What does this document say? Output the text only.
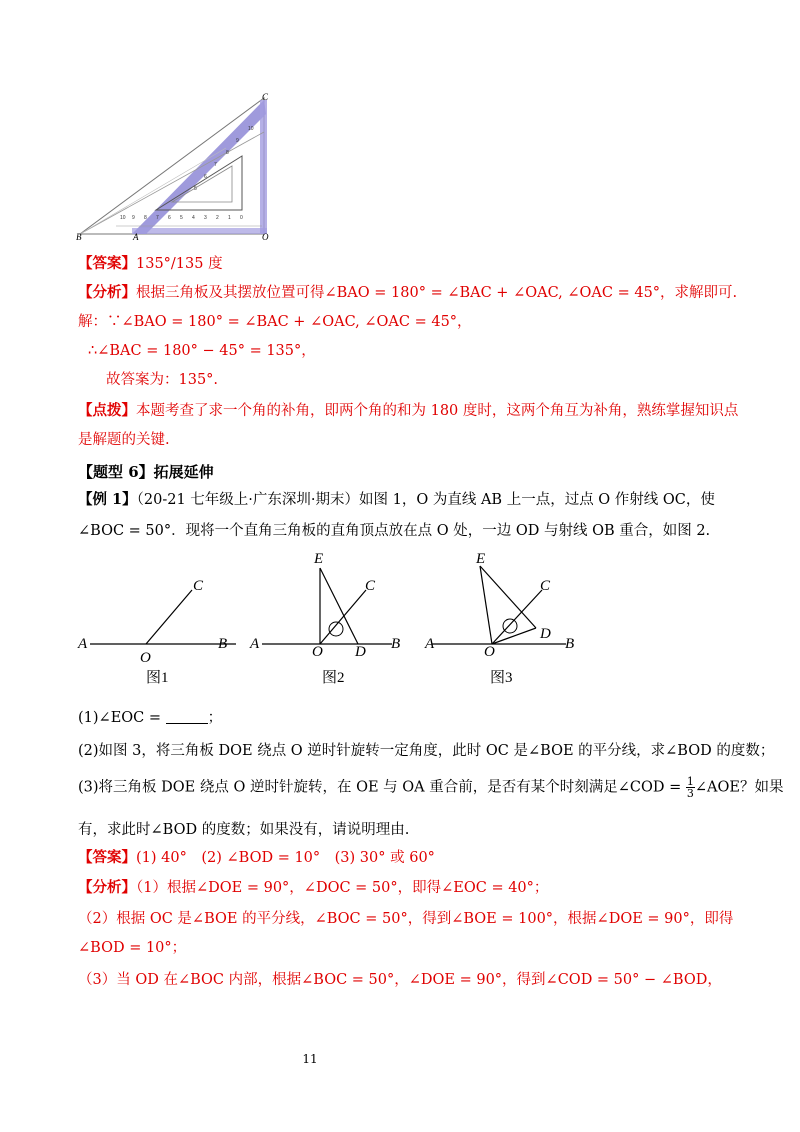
10 9 8 7 6 5 4 3 2 1 0
5
6
7
8
9
10
B	A	O
C
【答案】135°/135 度
【分析】根据三角板及其摆放位置可得∠BAO = 180° = ∠BAC + ∠OAC, ∠OAC = 45°，求解即可.
解：∵∠BAO = 180° = ∠BAC + ∠OAC, ∠OAC = 45°，
∴∠BAC = 180° − 45° = 135°，
故答案为：135°.
【点拨】本题考查了求一个角的补角，即两个角的和为 180 度时，这两个角互为补角，熟练掌握知识点
是解题的关键.
【题型 6】拓展延伸
【例 1】（20-21 七年级上·广东深圳·期末）如图 1，O 为直线 AB 上一点，过点 O 作射线 OC，使
∠BOC = 50°．现将一个直角三角板的直角顶点放在点 O 处，一边 OD 与射线 OB 重合，如图 2.
A
O
B
C
图1
A	O D B
C
E
图2
A	O
D
B
C
E
图3
(1)∠EOC =	；
(2)如图 3，将三角板 DOE 绕点 O 逆时针旋转一定角度，此时 OC 是∠BOE 的平分线，求∠BOD 的度数；
(3)将三角板 DOE 绕点 O 逆时针旋转，在 OE 与 OA 重合前，是否有某个时刻满足∠COD = $\frac{1}{3}$ ∠AOE？如果
有，求此时∠BOD 的度数；如果没有，请说明理由.
【答案】(1) 40°　(2) ∠BOD = 10°　(3) 30° 或 60°
【分析】（1）根据∠DOE = 90°，∠DOC = 50°，即得∠EOC = 40°；
（2）根据 OC 是∠BOE 的平分线，∠BOC = 50°，得到∠BOE = 100°，根据∠DOE = 90°，即得
∠BOD = 10°；
（3）当 OD 在∠BOC 内部，根据∠BOC = 50°，∠DOE = 90°，得到∠COD = 50° − ∠BOD，
11
